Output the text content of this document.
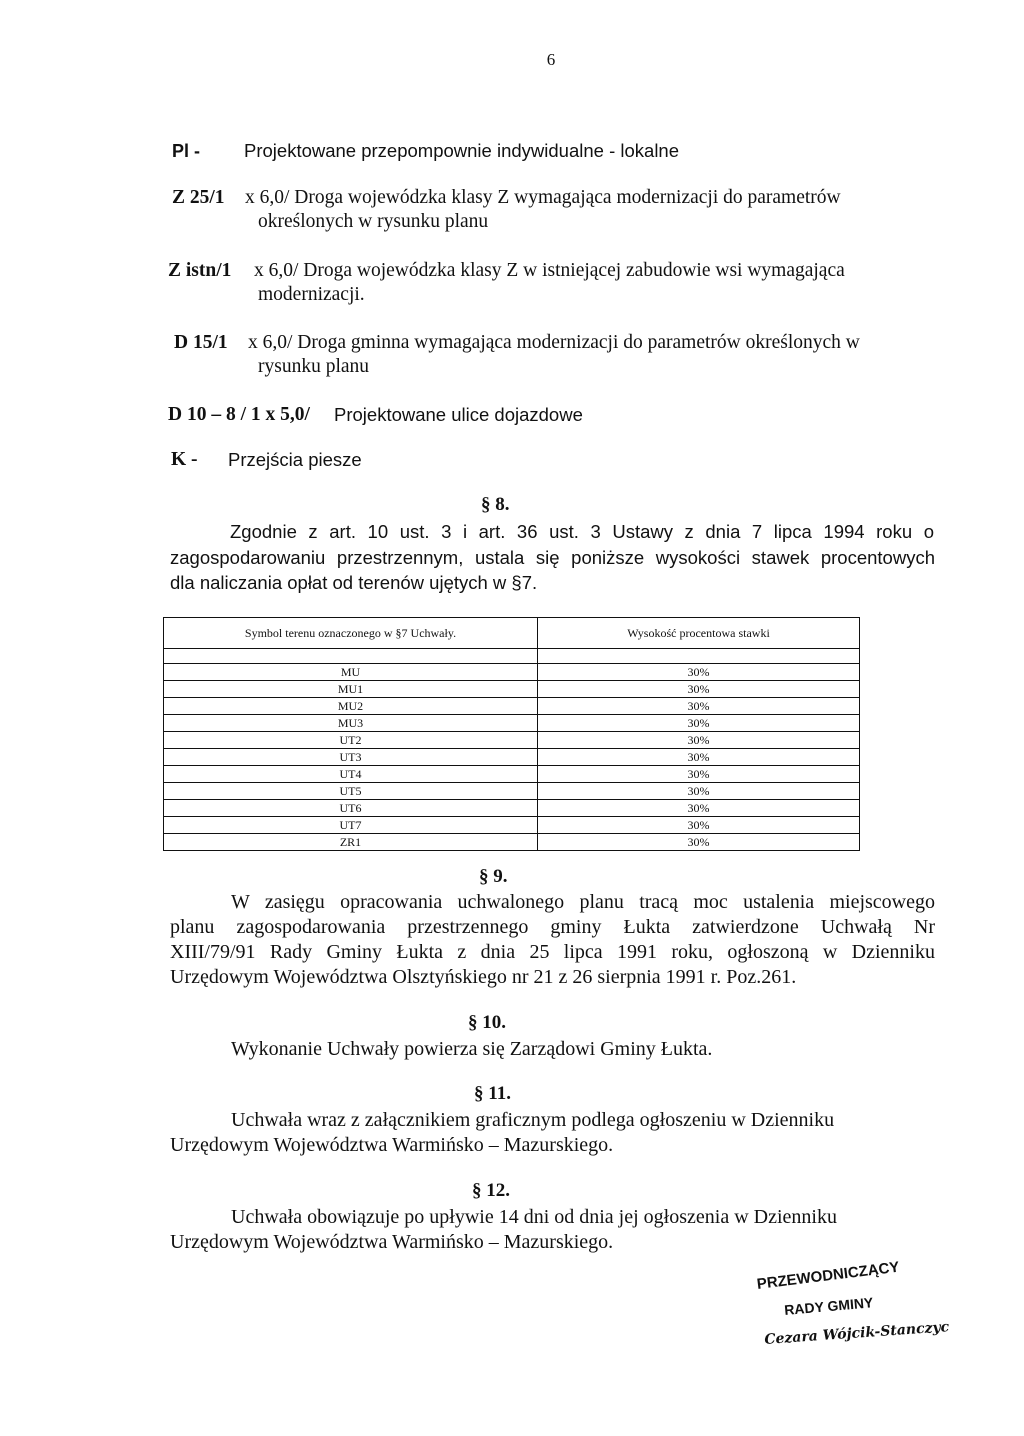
6
Pl - Projektowane przepompownie indywidualne - lokalne
Z 25/1 x 6,0/ Droga wojewódzka klasy Z wymagająca modernizacji do parametrów
określonych w rysunku planu
Z istn/1 x 6,0/ Droga wojewódzka klasy Z w istniejącej zabudowie wsi wymagająca
modernizacji.
D 15/1 x 6,0/ Droga gminna wymagająca modernizacji do parametrów określonych w
rysunku planu
D 10 – 8 / 1 x 5,0/ Projektowane ulice dojazdowe
K - Przejścia piesze
§ 8.
Zgodnie z art. 10 ust. 3 i art. 36 ust. 3 Ustawy z dnia 7 lipca 1994 roku o
zagospodarowaniu przestrzennym, ustala się poniższe wysokości stawek procentowych
dla naliczania opłat od terenów ujętych w §7.
Symbol terenu oznaczonego w §7 Uchwały.	Wysokość procentowa stawki

MU	30%
MU1	30%
MU2	30%
MU3	30%
UT2	30%
UT3	30%
UT4	30%
UT5	30%
UT6	30%
UT7	30%
ZR1	30%
§ 9.
W zasięgu opracowania uchwalonego planu tracą moc ustalenia miejscowego
planu zagospodarowania przestrzennego gminy Łukta zatwierdzone Uchwałą Nr
XIII/79/91 Rady Gminy Łukta z dnia 25 lipca 1991 roku, ogłoszoną w Dzienniku
Urzędowym Województwa Olsztyńskiego nr 21 z 26 sierpnia 1991 r. Poz.261.
§ 10.
Wykonanie Uchwały powierza się Zarządowi Gminy Łukta.
§ 11.
Uchwała wraz z załącznikiem graficznym podlega ogłoszeniu w Dzienniku
Urzędowym Województwa Warmińsko – Mazurskiego.
§ 12.
Uchwała obowiązuje po upływie 14 dni od dnia jej ogłoszenia w Dzienniku
Urzędowym Województwa Warmińsko – Mazurskiego.
PRZEWODNICZĄCY
RADY GMINY
Cezara Wójcik-Stanczyc
